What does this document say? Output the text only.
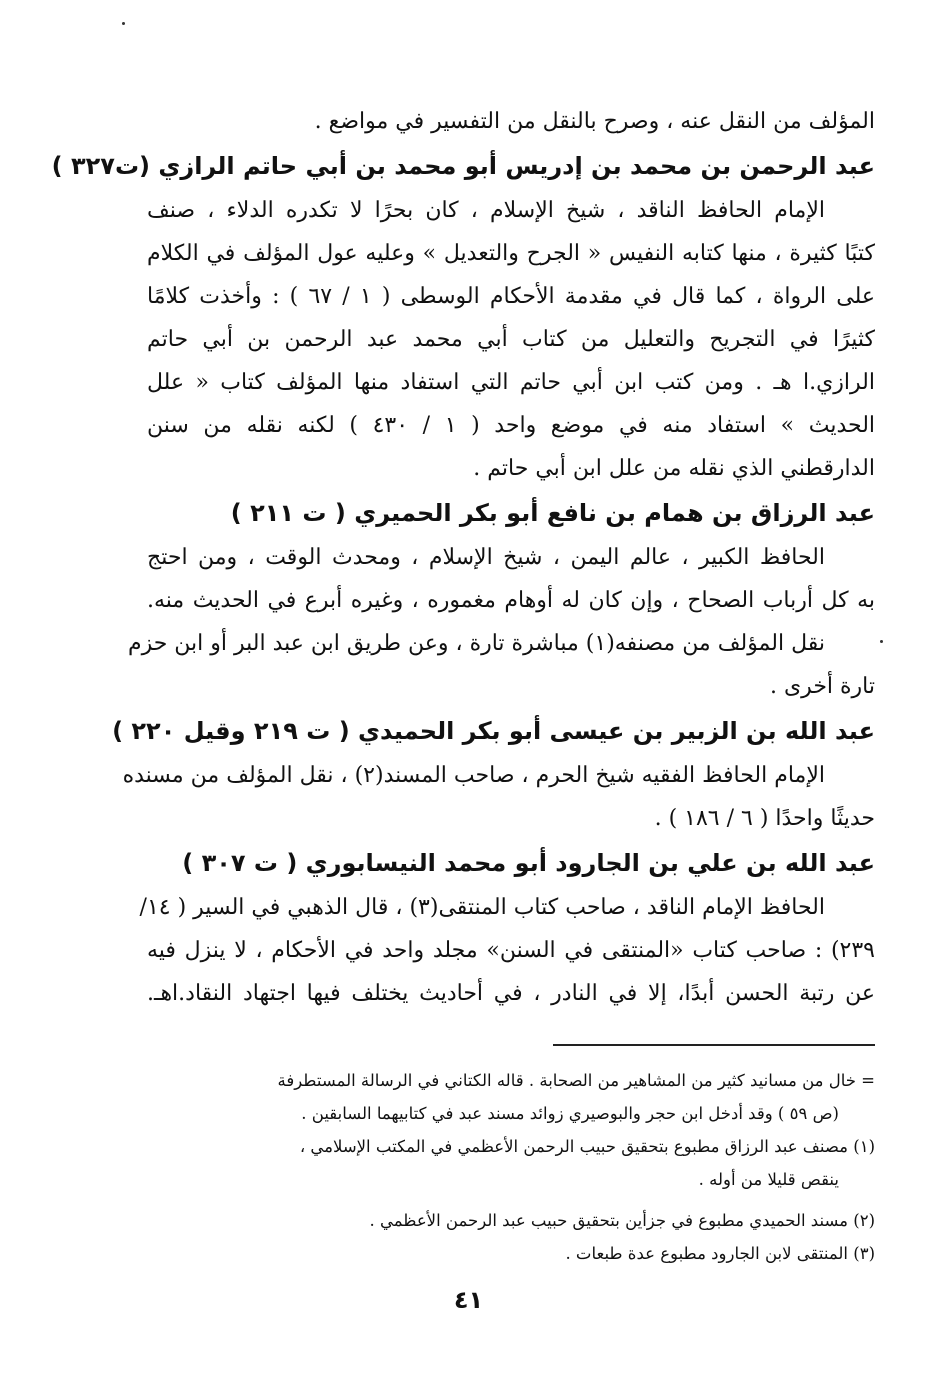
المؤلف من النقل عنه ، وصرح بالنقل من التفسير في مواضع .
عبد الرحمن بن محمد بن إدريس أبو محمد بن أبي حاتم الرازي (ت٣٢٧ )
الإمام الحافظ الناقد ، شيخ الإسلام ، كان بحرًا لا تكدره الدلاء ، صنف
كتبًا كثيرة ، منها كتابه النفيس « الجرح والتعديل » وعليه عول المؤلف في الكلام
على الرواة ، كما قال في مقدمة الأحكام الوسطى ( ١ / ٦٧ ) : وأخذت كلامًا
كثيرًا في التجريح والتعليل من كتاب أبي محمد عبد الرحمن بن أبي حاتم
الرازي.ا هـ . ومن كتب ابن أبي حاتم التي استفاد منها المؤلف كتاب « علل
الحديث » استفاد منه في موضع واحد ( ١ / ٤٣٠ ) لكنه نقله من سنن
الدارقطني الذي نقله من علل ابن أبي حاتم .
عبد الرزاق بن همام بن نافع أبو بكر الحميري ( ت ٢١١ )
الحافظ الكبير ، عالم اليمن ، شيخ الإسلام ، ومحدث الوقت ، ومن احتج
به كل أرباب الصحاح ، وإن كان له أوهام مغموره ، وغيره أبرع في الحديث منه.
نقل المؤلف من مصنفه(١) مباشرة تارة ، وعن طريق ابن عبد البر أو ابن حزم
تارة أخرى .
عبد الله بن الزبير بن عيسى أبو بكر الحميدي ( ت ٢١٩ وقيل ٢٢٠ )
الإمام الحافظ الفقيه شيخ الحرم ، صاحب المسند(٢) ، نقل المؤلف من مسنده
حديثًا واحدًا ( ٦ / ١٨٦ ) .
عبد الله بن علي بن الجارود أبو محمد النيسابوري ( ت ٣٠٧ )
الحافظ الإمام الناقد ، صاحب كتاب المنتقى(٣) ، قال الذهبي في السير ( ١٤/
٢٣٩) : صاحب كتاب «المنتقى في السنن» مجلد واحد في الأحكام ، لا ينزل فيه
عن رتبة الحسن أبدًا، إلا في النادر ، في أحاديث يختلف فيها اجتهاد النقاد.اهـ.
= خال من مسانيد كثير من المشاهير من الصحابة . قاله الكتاني في الرسالة المستطرفة
(ص ٥٩ ) وقد أدخل ابن حجر والبوصيري زوائد مسند عبد في كتابيهما السابقين .
(١) مصنف عبد الرزاق مطبوع بتحقيق حبيب الرحمن الأعظمي في المكتب الإسلامي ،
ينقص قليلا من أوله .
(٢) مسند الحميدي مطبوع في جزأين بتحقيق حبيب عبد الرحمن الأعظمي .
(٣) المنتقى لابن الجارود مطبوع عدة طبعات .
٤١
